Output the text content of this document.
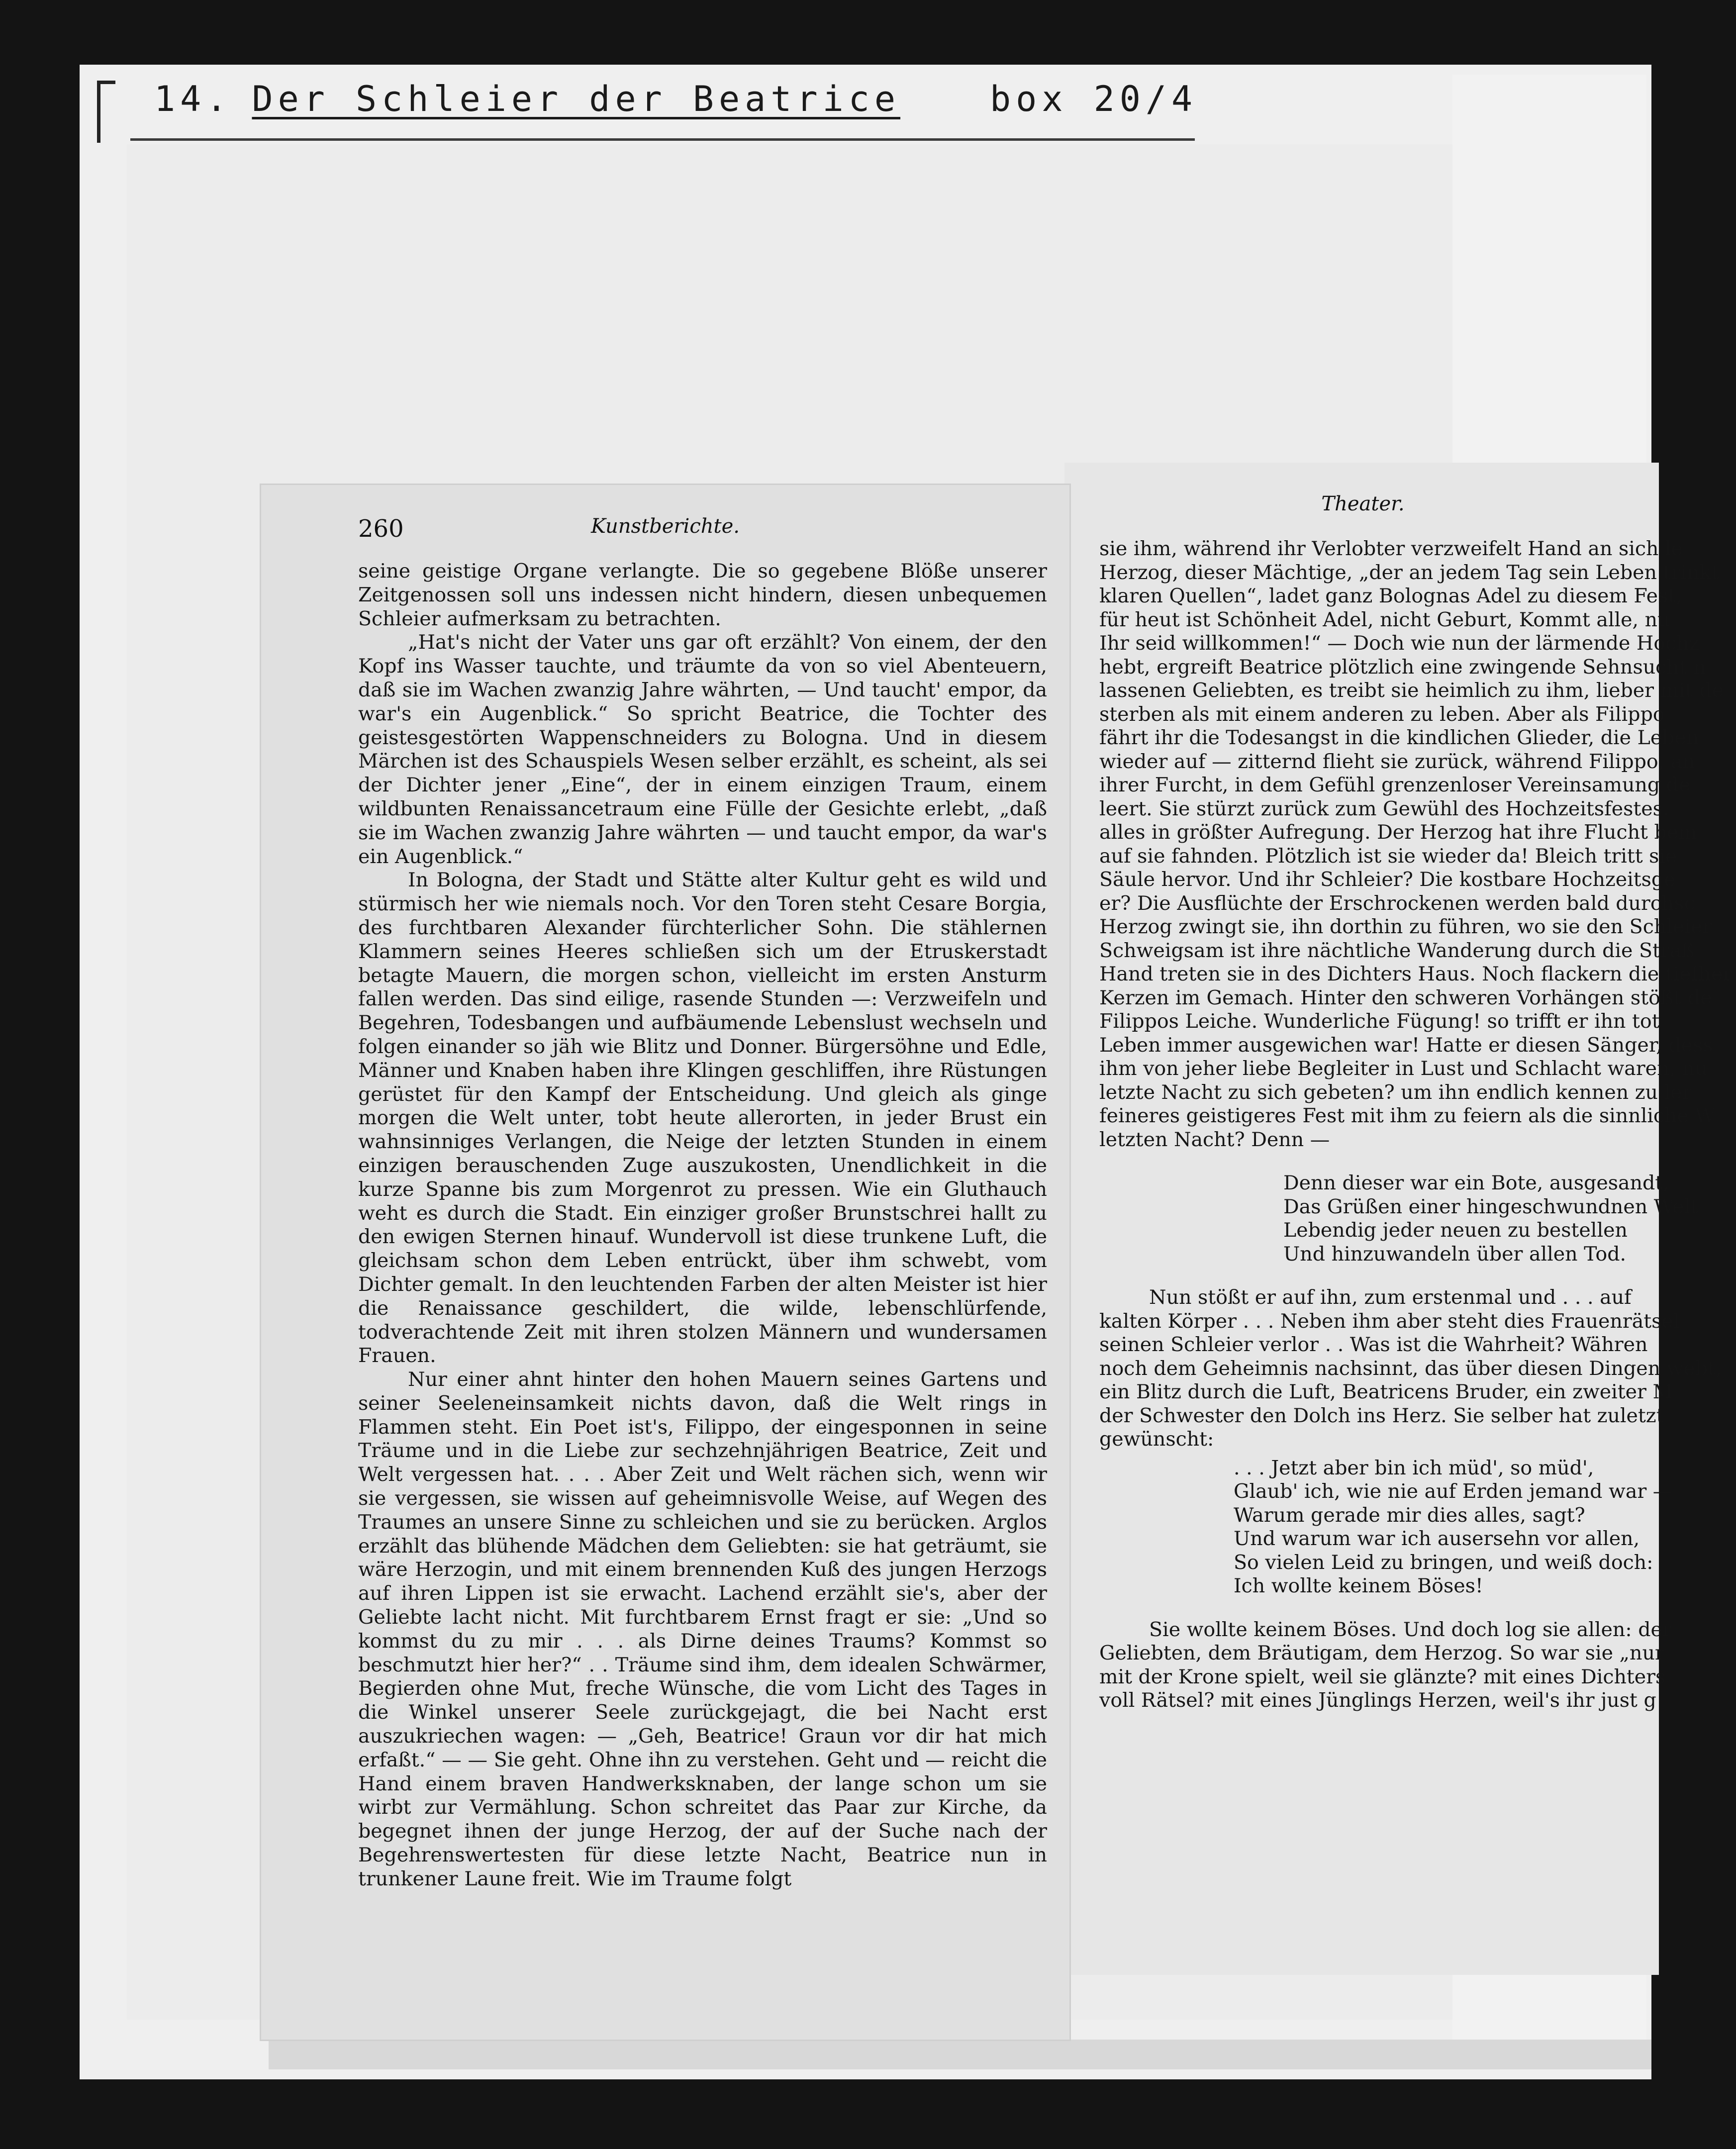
14. Der Schleier der Beatrice	box 20/4
Theater.

sie ihm, während ihr Verlobter verzweifelt Hand an sich le

Herzog, dieser Mächtige, „der an jedem Tag sein Leben trinkt

klaren Quellen“, ladet ganz Bolognas Adel zu diesem Fest,

für heut ist Schönheit Adel, nicht Geburt, Kommt alle, nu

Ihr seid willkommen!“ — Doch wie nun der lärmende Hochz

hebt, ergreift Beatrice plötzlich eine zwingende Sehnsucht n

lassenen Geliebten, es treibt sie heimlich zu ihm, lieber mit de

sterben als mit einem anderen zu leben. Aber als Filippo

fährt ihr die Todesangst in die kindlichen Glieder, die Leben

wieder auf — zitternd flieht sie zurück, während Filippo, an

ihrer Furcht, in dem Gefühl grenzenloser Vereinsamung de

leert. Sie stürzt zurück zum Gewühl des Hochzeitsfestes.

alles in größter Aufregung. Der Herzog hat ihre Flucht bem

auf sie fahnden. Plötzlich ist sie wieder da! Bleich tritt sie

Säule hervor. Und ihr Schleier? Die kostbare Hochzeitsge

er? Die Ausflüchte der Erschrockenen werden bald durchsc

Herzog zwingt sie, ihn dorthin zu führen, wo sie den Schleier

Schweigsam ist ihre nächtliche Wanderung durch die Straß

Hand treten sie in des Dichters Haus. Noch flackern die tiefher

Kerzen im Gemach. Hinter den schweren Vorhängen stößt de

Filippos Leiche. Wunderliche Fügung! so trifft er ihn tot

Leben immer ausgewichen war! Hatte er diesen Sänger, dess

ihm von jeher liebe Begleiter in Lust und Schlacht waren, nu

letzte Nacht zu sich gebeten? um ihn endlich kennen zu ler

feineres geistigeres Fest mit ihm zu feiern als die sinnliche W

letzten Nacht? Denn —

Denn dieser war ein Bote, ausgesandt,
Das Grüßen einer hingeschwundnen Welt
Lebendig jeder neuen zu bestellen
Und hinzuwandeln über allen Tod.

Nun stößt er auf ihn, zum erstenmal und . . . auf

kalten Körper . . . Neben ihm aber steht dies Frauenrätsel

seinen Schleier verlor . . Was ist die Wahrheit? Währen

noch dem Geheimnis nachsinnt, das über diesen Dingen webt,

ein Blitz durch die Luft, Beatricens Bruder, ein zweiter M

der Schwester den Dolch ins Herz. Sie selber hat zuletzt

gewünscht:

. . . Jetzt aber bin ich müd', so müd',
Glaub' ich, wie nie auf Erden jemand war —
Warum gerade mir dies alles, sagt?
Und warum war ich ausersehn vor allen,
So vielen Leid zu bringen, und weiß doch:
Ich wollte keinem Böses!

Sie wollte keinem Böses. Und doch log sie allen: der

Geliebten, dem Bräutigam, dem Herzog. So war sie „nur

mit der Krone spielt, weil sie glänzte? mit eines Dichters

voll Rätsel? mit eines Jünglings Herzen, weil's ihr just g

260	Kunstberichte.

seine geistige Organe verlangte. Die so gegebene Blöße unserer Zeitgenossen soll uns indessen nicht hindern, diesen unbequemen Schleier aufmerksam zu betrachten.

„Hat's nicht der Vater uns gar oft erzählt? Von einem, der den Kopf ins Wasser tauchte, und träumte da von so viel Abenteuern, daß sie im Wachen zwanzig Jahre währten, — Und taucht' empor, da war's ein Augenblick.“ So spricht Beatrice, die Tochter des geistesgestörten Wappenschneiders zu Bologna. Und in diesem Märchen ist des Schauspiels Wesen selber erzählt, es scheint, als sei der Dichter jener „Eine“, der in einem einzigen Traum, einem wildbunten Renaissancetraum eine Fülle der Gesichte erlebt, „daß sie im Wachen zwanzig Jahre währten — und taucht empor, da war's ein Augenblick.“

In Bologna, der Stadt und Stätte alter Kultur geht es wild und stürmisch her wie niemals noch. Vor den Toren steht Cesare Borgia, des furchtbaren Alexander fürchterlicher Sohn. Die stählernen Klammern seines Heeres schließen sich um der Etruskerstadt betagte Mauern, die morgen schon, vielleicht im ersten Ansturm fallen werden. Das sind eilige, rasende Stunden —: Verzweifeln und Begehren, Todesbangen und aufbäumende Lebenslust wechseln und folgen einander so jäh wie Blitz und Donner. Bürgersöhne und Edle, Männer und Knaben haben ihre Klingen geschliffen, ihre Rüstungen gerüstet für den Kampf der Entscheidung. Und gleich als ginge morgen die Welt unter, tobt heute allerorten, in jeder Brust ein wahnsinniges Verlangen, die Neige der letzten Stunden in einem einzigen berauschenden Zuge auszukosten, Unendlichkeit in die kurze Spanne bis zum Morgenrot zu pressen. Wie ein Gluthauch weht es durch die Stadt. Ein einziger großer Brunstschrei hallt zu den ewigen Sternen hinauf. Wundervoll ist diese trunkene Luft, die gleichsam schon dem Leben entrückt, über ihm schwebt, vom Dichter gemalt. In den leuchtenden Farben der alten Meister ist hier die Renaissance geschildert, die wilde, lebenschlürfende, todverachtende Zeit mit ihren stolzen Männern und wundersamen Frauen.

Nur einer ahnt hinter den hohen Mauern seines Gartens und seiner Seeleneinsamkeit nichts davon, daß die Welt rings in Flammen steht. Ein Poet ist's, Filippo, der eingesponnen in seine Träume und in die Liebe zur sechzehnjährigen Beatrice, Zeit und Welt vergessen hat. . . . Aber Zeit und Welt rächen sich, wenn wir sie vergessen, sie wissen auf geheimnisvolle Weise, auf Wegen des Traumes an unsere Sinne zu schleichen und sie zu berücken. Arglos erzählt das blühende Mädchen dem Geliebten: sie hat geträumt, sie wäre Herzogin, und mit einem brennenden Kuß des jungen Herzogs auf ihren Lippen ist sie erwacht. Lachend erzählt sie's, aber der Geliebte lacht nicht. Mit furchtbarem Ernst fragt er sie: „Und so kommst du zu mir . . . als Dirne deines Traums? Kommst so beschmutzt hier her?“ . . Träume sind ihm, dem idealen Schwärmer, Begierden ohne Mut, freche Wünsche, die vom Licht des Tages in die Winkel unserer Seele zurückgejagt, die bei Nacht erst auszukriechen wagen: — „Geh, Beatrice! Graun vor dir hat mich erfaßt.“ — — Sie geht. Ohne ihn zu verstehen. Geht und — reicht die Hand einem braven Handwerksknaben, der lange schon um sie wirbt zur Vermählung. Schon schreitet das Paar zur Kirche, da begegnet ihnen der junge Herzog, der auf der Suche nach der Begehrenswertesten für diese letzte Nacht, Beatrice nun in trunkener Laune freit. Wie im Traume folgt
